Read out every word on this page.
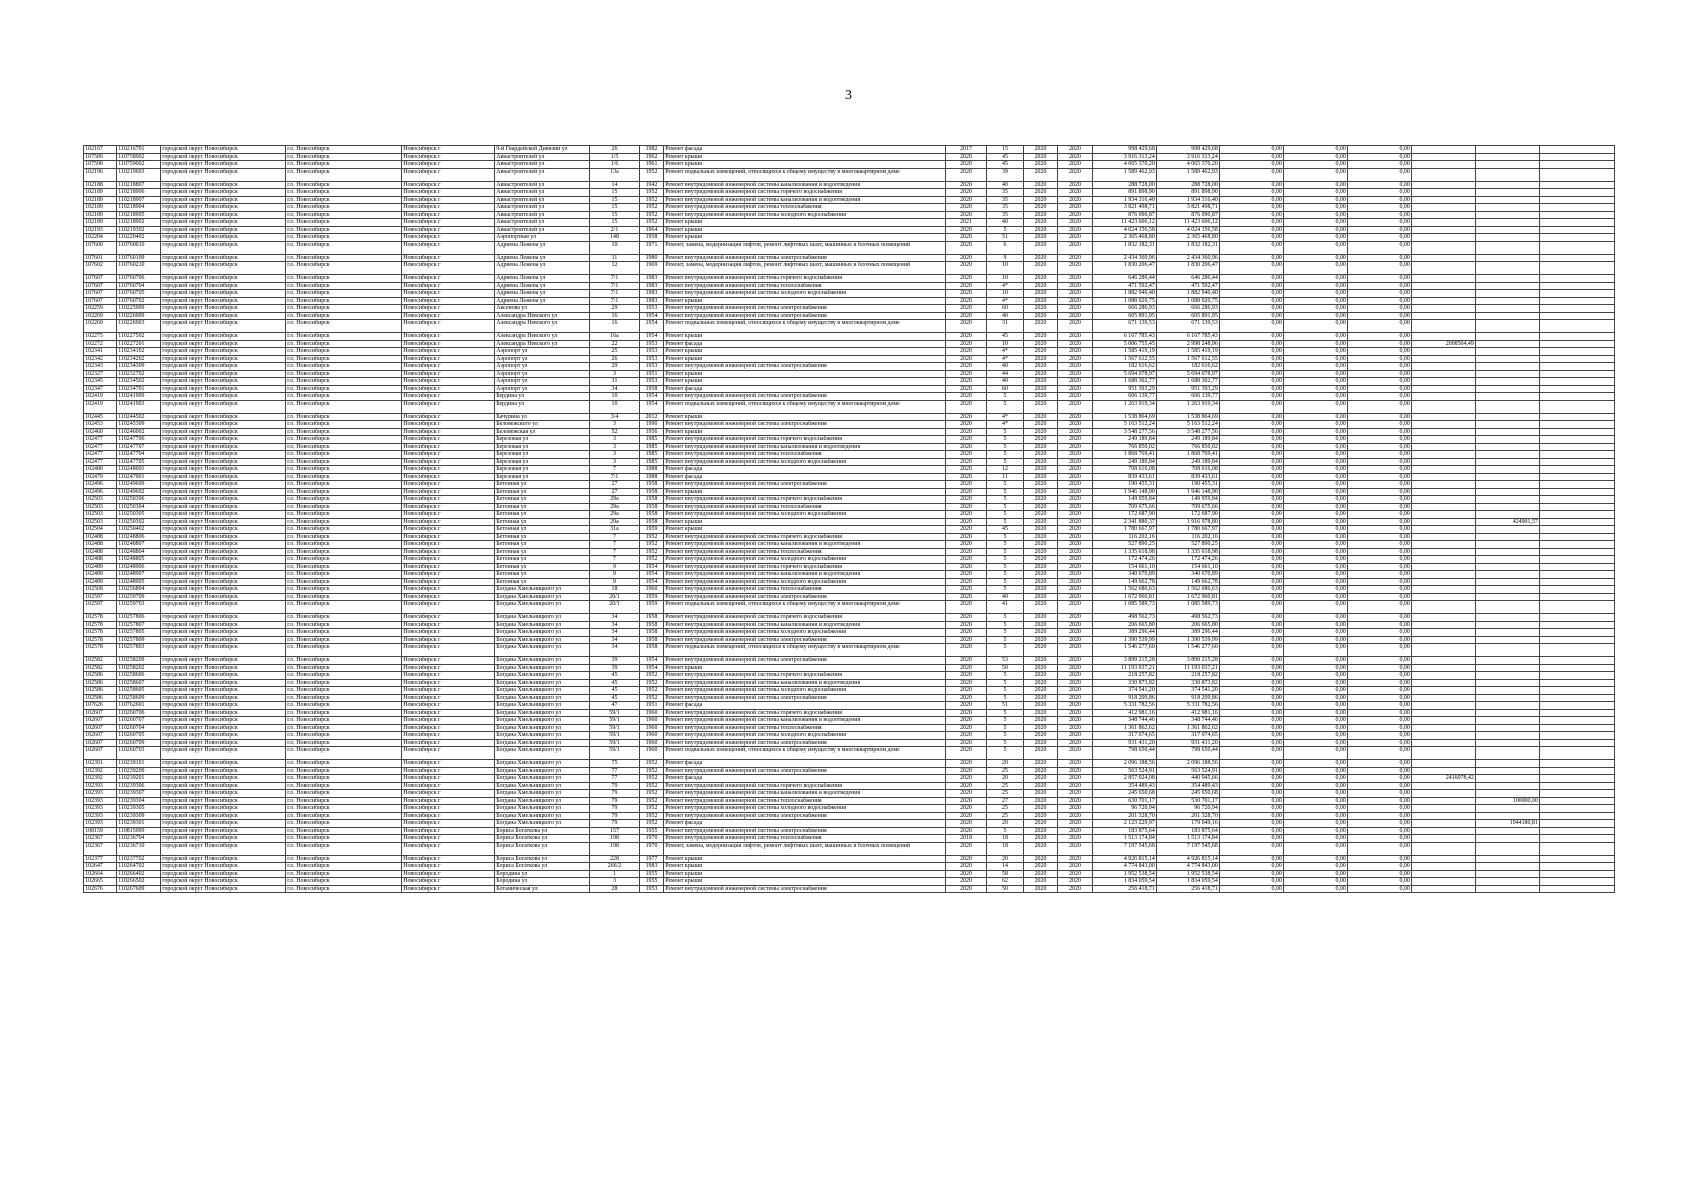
3
102167	110216701	городской округ Новосибирск	г.о. Новосибирск	Новосибирск г	9-й Гвардейской Дивизии ул	26	1982	Ремонт фасада	2017	15	2020	2020	998 429,68	998 429,68	0,00	0,00	0,00			
107589	110758902	городской округ Новосибирск	г.о. Новосибирск	Новосибирск г	Авиастроителей ул	1/5	1962	Ремонт крыши	2020	45	2020	2020	3 916 313,24	3 916 313,24	0,00	0,00	0,00			
107590	110759002	городской округ Новосибирск	г.о. Новосибирск	Новосибирск г	Авиастроителей ул	1/6	1961	Ремонт крыши	2020	45	2020	2020	4 065 370,20	4 065 370,20	0,00	0,00	0,00			
102196	110219603	городской округ Новосибирск	г.о. Новосибирск	Новосибирск г	Авиастроителей ул	13а	1952	Ремонт подвальных помещений, относящихся к общему имуществу в многоквартирном доме	2020	39	2020	2020	1 589 462,93	1 589 462,93	0,00	0,00	0,00			
102188	110218807	городской округ Новосибирск	г.о. Новосибирск	Новосибирск г	Авиастроителей ул	14	1942	Ремонт внутридомовой инженерной системы канализования и водоотведения	2020	40	2020	2020	288 728,00	288 728,00	0,00	0,00	0,00			
102189	110218906	городской округ Новосибирск	г.о. Новосибирск	Новосибирск г	Авиастроителей ул	15	1952	Ремонт внутридомовой инженерной системы горячего водоснабжения	2020	35	2020	2020	891 898,90	891 898,90	0,00	0,00	0,00			
102189	110218907	городской округ Новосибирск	г.о. Новосибирск	Новосибирск г	Авиастроителей ул	15	1952	Ремонт внутридомовой инженерной системы канализования и водоотведения	2020	35	2020	2020	1 934 316,40	1 934 316,40	0,00	0,00	0,00			
102189	110218904	городской округ Новосибирск	г.о. Новосибирск	Новосибирск г	Авиастроителей ул	15	1952	Ремонт внутридомовой инженерной системы теплоснабжения	2020	35	2020	2020	3 821 498,71	3 821 498,71	0,00	0,00	0,00			
102189	110218905	городской округ Новосибирск	г.о. Новосибирск	Новосибирск г	Авиастроителей ул	15	1952	Ремонт внутридомовой инженерной системы холодного водоснабжения	2020	35	2020	2020	876 090,87	876 090,87	0,00	0,00	0,00			
102189	110218902	городской округ Новосибирск	г.о. Новосибирск	Новосибирск г	Авиастроителей ул	15	1952	Ремонт крыши	2021	40	2020	2020	11 423 606,12	11 423 606,12	0,00	0,00	0,00			
102193	110219302	городской округ Новосибирск	г.о. Новосибирск	Новосибирск г	Авиастроителей ул	2/1	1964	Ремонт крыши	2020	5	2020	2020	4 024 156,58	4 024 156,58	0,00	0,00	0,00			
102204	110220402	городской округ Новосибирск	г.о. Новосибирск	Новосибирск г	Аэропортная ул	148	1958	Ремонт крыши	2020	51	2020	2020	2 365 468,80	2 365 468,80	0,00	0,00	0,00			
107600	110760010	городской округ Новосибирск	г.о. Новосибирск	Новосибирск г	Адриена Лежена ул	10	1971	Ремонт, замена, модернизация лифтов, ремонт лифтовых шахт, машинных и блочных помещений	2020	6	2020	2020	1 832 182,31	1 832 182,31	0,00	0,00	0,00			
107601	110760109	городской округ Новосибирск	г.о. Новосибирск	Новосибирск г	Адриена Лежена ул	11	1980	Ремонт внутридомовой инженерной системы электроснабжения	2020	9	2020	2020	2 434 360,96	2 434 360,96	0,00	0,00	0,00			
107602	110760210	городской округ Новосибирск	г.о. Новосибирск	Новосибирск г	Адриена Лежена ул	12	1969	Ремонт, замена, модернизация лифтов, ремонт лифтовых шахт, машинных и блочных помещений	2020	10	2020	2020	1 830 206,47	1 830 206,47	0,00	0,00	0,00			
107607	110760706	городской округ Новосибирск	г.о. Новосибирск	Новосибирск г	Адриена Лежена ул	7/1	1983	Ремонт внутридомовой инженерной системы горячего водоснабжения	2020	10	2020	2020	646 286,44	646 286,44	0,00	0,00	0,00			
107607	110760704	городской округ Новосибирск	г.о. Новосибирск	Новосибирск г	Адриена Лежена ул	7/1	1983	Ремонт внутридомовой инженерной системы теплоснабжения	2020	4*	2020	2020	471 592,47	471 592,47	0,00	0,00	0,00			
107607	110760705	городской округ Новосибирск	г.о. Новосибирск	Новосибирск г	Адриена Лежена ул	7/1	1983	Ремонт внутридомовой инженерной системы холодного водоснабжения	2020	10	2020	2020	1 882 940,40	1 882 940,40	0,00	0,00	0,00			
107607	110760702	городской округ Новосибирск	г.о. Новосибирск	Новосибирск г	Адриена Лежена ул	7/1	1983	Ремонт крыши	2020	4*	2020	2020	1 088 020,75	1 088 020,75	0,00	0,00	0,00			
102259	110225909	городской округ Новосибирск	г.о. Новосибирск	Новосибирск г	Аксенова ул	29	1953	Ремонт внутридомовой инженерной системы электроснабжения	2020	60	2020	2020	666 286,93	666 286,93	0,00	0,00	0,00			
102269	110226909	городской округ Новосибирск	г.о. Новосибирск	Новосибирск г	Александра Невского ул	16	1954	Ремонт внутридомовой инженерной системы электроснабжения	2020	40	2020	2020	605 891,95	605 891,95	0,00	0,00	0,00			
102269	110226903	городской округ Новосибирск	г.о. Новосибирск	Новосибирск г	Александра Невского ул	16	1954	Ремонт подвальных помещений, относящихся к общему имуществу в многоквартирном доме	2020	31	2020	2020	671 139,53	671 139,53	0,00	0,00	0,00			
102275	110227502	городской округ Новосибирск	г.о. Новосибирск	Новосибирск г	Александра Невского ул	16а	1954	Ремонт крыши	2020	45	2020	2020	6 167 785,43	6 167 785,43	0,00	0,00	0,00			
102272	110227201	городской округ Новосибирск	г.о. Новосибирск	Новосибирск г	Александра Невского ул	22	1953	Ремонт фасада	2020	10	2020	2020	5 006 755,45	2 998 248,96	0,00	0,00	0,00	2008504,49		
102341	110234102	городской округ Новосибирск	г.о. Новосибирск	Новосибирск г	Аэропорт ул	25	1953	Ремонт крыши	2020	4*	2020	2020	1 585 419,19	1 585 419,19	0,00	0,00	0,00			
102342	110234202	городской округ Новосибирск	г.о. Новосибирск	Новосибирск г	Аэропорт ул	26	1953	Ремонт крыши	2020	4*	2020	2020	1 567 612,55	1 567 612,55	0,00	0,00	0,00			
102343	110234309	городской округ Новосибирск	г.о. Новосибирск	Новосибирск г	Аэропорт ул	29	1953	Ремонт внутридомовой инженерной системы электроснабжения	2020	40	2020	2020	182 616,62	182 616,62	0,00	0,00	0,00			
102327	110232702	городской округ Новосибирск	г.о. Новосибирск	Новосибирск г	Аэропорт ул	3	1951	Ремонт крыши	2020	44	2020	2020	5 694 078,97	5 694 078,97	0,00	0,00	0,00			
102345	110234502	городской округ Новосибирск	г.о. Новосибирск	Новосибирск г	Аэропорт ул	31	1953	Ремонт крыши	2020	40	2020	2020	1 688 302,77	1 688 302,77	0,00	0,00	0,00			
102347	110234701	городской округ Новосибирск	г.о. Новосибирск	Новосибирск г	Аэропорт ул	34	1958	Ремонт фасада	2020	60	2020	2020	951 393,29	951 393,29	0,00	0,00	0,00			
102419	110241909	городской округ Новосибирск	г.о. Новосибирск	Новосибирск г	Бердина ул	10	1954	Ремонт внутридомовой инженерной системы электроснабжения	2020	5	2020	2020	606 139,77	606 139,77	0,00	0,00	0,00			
102419	110241903	городской округ Новосибирск	г.о. Новосибирск	Новосибирск г	Бердина ул	10	1954	Ремонт подвальных помещений, относящихся к общему имуществу в многоквартирном доме	2020	5	2020	2020	1 263 919,34	1 263 919,34	0,00	0,00	0,00			
102445	110244502	городской округ Новосибирск	г.о. Новосибирск	Новосибирск г	Бачурина ул	3/4	2012	Ремонт крыши	2020	4*	2020	2020	1 538 864,69	1 538 864,69	0,00	0,00	0,00			
102453	110245309	городской округ Новосибирск	г.о. Новосибирск	Новосибирск г	Беловежского ул	3	1990	Ремонт внутридомовой инженерной системы электроснабжения	2020	4*	2020	2020	5 163 512,24	5 163 512,24	0,00	0,00	0,00			
102460	110246002	городской округ Новосибирск	г.о. Новосибирск	Новосибирск г	Беловежская ул	52	1956	Ремонт крыши	2020	5	2020	2020	3 548 277,56	3 548 277,56	0,00	0,00	0,00			
102477	110247706	городской округ Новосибирск	г.о. Новосибирск	Новосибирск г	Березовая ул	3	1985	Ремонт внутридомовой инженерной системы горячего водоснабжения	2020	5	2020	2020	249 189,84	249 189,84	0,00	0,00	0,00			
102477	110247707	городской округ Новосибирск	г.о. Новосибирск	Новосибирск г	Березовая ул	3	1985	Ремонт внутридомовой инженерной системы канализования и водоотведения	2020	5	2020	2020	766 850,02	766 850,02	0,00	0,00	0,00			
102477	110247704	городской округ Новосибирск	г.о. Новосибирск	Новосибирск г	Березовая ул	3	1985	Ремонт внутридомовой инженерной системы теплоснабжения	2020	5	2020	2020	1 868 769,41	1 868 769,41	0,00	0,00	0,00			
102477	110247705	городской округ Новосибирск	г.о. Новосибирск	Новосибирск г	Березовая ул	3	1985	Ремонт внутридомовой инженерной системы холодного водоснабжения	2020	5	2020	2020	249 189,84	249 189,84	0,00	0,00	0,00			
102480	110248001	городской округ Новосибирск	г.о. Новосибирск	Новосибирск г	Березовая ул	7	1988	Ремонт фасада	2020	12	2020	2020	708 616,08	708 616,08	0,00	0,00	0,00			
102479	110247901	городской округ Новосибирск	г.о. Новосибирск	Новосибирск г	Березовая ул	7/1	1988	Ремонт фасада	2020	11	2020	2020	839 433,61	839 433,61	0,00	0,00	0,00			
102496	110249609	городской округ Новосибирск	г.о. Новосибирск	Новосибирск г	Бетонная ул	27	1958	Ремонт внутридомовой инженерной системы электроснабжения	2020	5	2020	2020	190 455,31	190 455,31	0,00	0,00	0,00			
102496	110249602	городской округ Новосибирск	г.о. Новосибирск	Новосибирск г	Бетонная ул	27	1958	Ремонт крыши	2020	5	2020	2020	1 946 148,90	1 946 148,90	0,00	0,00	0,00			
102503	110250306	городской округ Новосибирск	г.о. Новосибирск	Новосибирск г	Бетонная ул	29а	1958	Ремонт внутридомовой инженерной системы горячего водоснабжения	2020	5	2020	2020	149 959,84	149 959,84	0,00	0,00	0,00			
102503	110250304	городской округ Новосибирск	г.о. Новосибирск	Новосибирск г	Бетонная ул	29а	1958	Ремонт внутридомовой инженерной системы теплоснабжения	2020	5	2020	2020	709 675,66	709 675,66	0,00	0,00	0,00			
102503	110250305	городской округ Новосибирск	г.о. Новосибирск	Новосибирск г	Бетонная ул	29а	1958	Ремонт внутридомовой инженерной системы холодного водоснабжения	2020	5	2020	2020	172 687,90	172 687,90	0,00	0,00	0,00			
102503	110250302	городской округ Новосибирск	г.о. Новосибирск	Новосибирск г	Бетонная ул	29а	1958	Ремонт крыши	2020	5	2020	2020	2 341 880,37	1 916 978,80	0,00	0,00	0,00		424901,57	
102504	110250402	городской округ Новосибирск	г.о. Новосибирск	Новосибирск г	Бетонная ул	31а	1959	Ремонт крыши	2020	45	2020	2020	1 780 667,97	1 780 667,97	0,00	0,00	0,00			
102488	110248806	городской округ Новосибирск	г.о. Новосибирск	Новосибирск г	Бетонная ул	7	1952	Ремонт внутридомовой инженерной системы горячего водоснабжения	2020	5	2020	2020	116 202,16	116 202,16	0,00	0,00	0,00			
102488	110248807	городской округ Новосибирск	г.о. Новосибирск	Новосибирск г	Бетонная ул	7	1952	Ремонт внутридомовой инженерной системы канализования и водоотведения	2020	5	2020	2020	527 890,25	527 890,25	0,00	0,00	0,00			
102488	110248804	городской округ Новосибирск	г.о. Новосибирск	Новосибирск г	Бетонная ул	7	1952	Ремонт внутридомовой инженерной системы теплоснабжения	2020	5	2020	2020	1 335 618,98	1 335 618,98	0,00	0,00	0,00			
102488	110248805	городской округ Новосибирск	г.о. Новосибирск	Новосибирск г	Бетонная ул	7	1952	Ремонт внутридомовой инженерной системы холодного водоснабжения	2020	5	2020	2020	172 474,26	172 474,26	0,00	0,00	0,00			
102489	110248906	городской округ Новосибирск	г.о. Новосибирск	Новосибирск г	Бетонная ул	9	1954	Ремонт внутридомовой инженерной системы горячего водоснабжения	2020	5	2020	2020	154 661,10	154 661,10	0,00	0,00	0,00			
102489	110248907	городской округ Новосибирск	г.о. Новосибирск	Новосибирск г	Бетонная ул	9	1954	Ремонт внутридомовой инженерной системы канализования и водоотведения	2020	5	2020	2020	340 670,89	340 670,89	0,00	0,00	0,00			
102489	110248905	городской округ Новосибирск	г.о. Новосибирск	Новосибирск г	Бетонная ул	9	1954	Ремонт внутридомовой инженерной системы холодного водоснабжения	2020	5	2020	2020	149 662,78	149 662,78	0,00	0,00	0,00			
102568	110256804	городской округ Новосибирск	г.о. Новосибирск	Новосибирск г	Богдана Хмельницкого ул	18	1960	Ремонт внутридомовой инженерной системы теплоснабжения	2020	5	2020	2020	1 562 686,63	1 562 686,63	0,00	0,00	0,00			
102597	110259709	городской округ Новосибирск	г.о. Новосибирск	Новосибирск г	Богдана Хмельницкого ул	20/1	1959	Ремонт внутридомовой инженерной системы электроснабжения	2020	40	2020	2020	1 672 960,81	1 672 960,81	0,00	0,00	0,00			
102597	110259703	городской округ Новосибирск	г.о. Новосибирск	Новосибирск г	Богдана Хмельницкого ул	20/1	1959	Ремонт подвальных помещений, относящихся к общему имуществу в многоквартирном доме	2020	41	2020	2020	1 085 589,73	1 085 589,73	0,00	0,00	0,00			
102578	110257806	городской округ Новосибирск	г.о. Новосибирск	Новосибирск г	Богдана Хмельницкого ул	34	1958	Ремонт внутридомовой инженерной системы горячего водоснабжения	2020	5	2020	2020	498 562,73	498 562,73	0,00	0,00	0,00			
102578	110257807	городской округ Новосибирск	г.о. Новосибирск	Новосибирск г	Богдана Хмельницкого ул	34	1958	Ремонт внутридомовой инженерной системы канализования и водоотведения	2020	5	2020	2020	206 665,80	206 665,80	0,00	0,00	0,00			
102578	110257805	городской округ Новосибирск	г.о. Новосибирск	Новосибирск г	Богдана Хмельницкого ул	34	1958	Ремонт внутридомовой инженерной системы холодного водоснабжения	2020	5	2020	2020	389 296,44	389 296,44	0,00	0,00	0,00			
102578	110257809	городской округ Новосибирск	г.о. Новосибирск	Новосибирск г	Богдана Хмельницкого ул	34	1958	Ремонт внутридомовой инженерной системы электроснабжения	2020	5	2020	2020	1 390 539,99	1 390 539,99	0,00	0,00	0,00			
102578	110257803	городской округ Новосибирск	г.о. Новосибирск	Новосибирск г	Богдана Хмельницкого ул	34	1958	Ремонт подвальных помещений, относящихся к общему имуществу в многоквартирном доме	2020	5	2020	2020	1 546 277,60	1 546 277,60	0,00	0,00	0,00			
102582	110258209	городской округ Новосибирск	г.о. Новосибирск	Новосибирск г	Богдана Хмельницкого ул	39	1954	Ремонт внутридомовой инженерной системы электроснабжения	2020	53	2020	2020	3 899 215,28	3 899 215,28	0,00	0,00	0,00			
102582	110258202	городской округ Новосибирск	г.о. Новосибирск	Новосибирск г	Богдана Хмельницкого ул	39	1954	Ремонт крыши	2020	50	2020	2020	11 193 037,21	11 193 037,21	0,00	0,00	0,00			
102586	110258606	городской округ Новосибирск	г.о. Новосибирск	Новосибирск г	Богдана Хмельницкого ул	45	1952	Ремонт внутридомовой инженерной системы горячего водоснабжения	2020	5	2020	2020	218 257,82	218 257,82	0,00	0,00	0,00			
102586	110258607	городской округ Новосибирск	г.о. Новосибирск	Новосибирск г	Богдана Хмельницкого ул	45	1952	Ремонт внутридомовой инженерной системы канализования и водоотведения	2020	5	2020	2020	330 873,82	330 873,82	0,00	0,00	0,00			
102586	110258605	городской округ Новосибирск	г.о. Новосибирск	Новосибирск г	Богдана Хмельницкого ул	45	1952	Ремонт внутридомовой инженерной системы холодного водоснабжения	2020	5	2020	2020	374 541,20	374 541,20	0,00	0,00	0,00			
102586	110258609	городской округ Новосибирск	г.о. Новосибирск	Новосибирск г	Богдана Хмельницкого ул	45	1952	Ремонт внутридомовой инженерной системы электроснабжения	2020	5	2020	2020	918 209,86	918 209,86	0,00	0,00	0,00			
107626	110762601	городской округ Новосибирск	г.о. Новосибирск	Новосибирск г	Богдана Хмельницкого ул	47	1951	Ремонт фасада	2020	51	2020	2020	5 331 782,56	5 331 782,56	0,00	0,00	0,00			
102607	110260706	городской округ Новосибирск	г.о. Новосибирск	Новосибирск г	Богдана Хмельницкого ул	59/1	1960	Ремонт внутридомовой инженерной системы горячего водоснабжения	2020	5	2020	2020	412 981,16	412 981,16	0,00	0,00	0,00			
102607	110260707	городской округ Новосибирск	г.о. Новосибирск	Новосибирск г	Богдана Хмельницкого ул	59/1	1960	Ремонт внутридомовой инженерной системы канализования и водоотведения	2020	5	2020	2020	348 744,46	348 744,46	0,00	0,00	0,00			
102607	110260704	городской округ Новосибирск	г.о. Новосибирск	Новосибирск г	Богдана Хмельницкого ул	59/1	1960	Ремонт внутридомовой инженерной системы теплоснабжения	2020	5	2020	2020	1 361 862,62	1 361 862,62	0,00	0,00	0,00			
102607	110260705	городской округ Новосибирск	г.о. Новосибирск	Новосибирск г	Богдана Хмельницкого ул	59/1	1960	Ремонт внутридомовой инженерной системы холодного водоснабжения	2020	5	2020	2020	317 074,65	317 074,65	0,00	0,00	0,00			
102607	110260709	городской округ Новосибирск	г.о. Новосибирск	Новосибирск г	Богдана Хмельницкого ул	59/1	1960	Ремонт внутридомовой инженерной системы электроснабжения	2020	5	2020	2020	931 431,20	931 431,20	0,00	0,00	0,00			
102607	110260703	городской округ Новосибирск	г.о. Новосибирск	Новосибирск г	Богдана Хмельницкого ул	59/1	1960	Ремонт подвальных помещений, относящихся к общему имуществу в многоквартирном доме	2020	5	2020	2020	798 650,44	798 650,44	0,00	0,00	0,00			
102391	110239101	городской округ Новосибирск	г.о. Новосибирск	Новосибирск г	Богдана Хмельницкого ул	75	1952	Ремонт фасада	2020	20	2020	2020	2 096 188,56	2 096 188,56	0,00	0,00	0,00			
102392	110239209	городской округ Новосибирск	г.о. Новосибирск	Новосибирск г	Богдана Хмельницкого ул	77	1952	Ремонт внутридомовой инженерной системы электроснабжения	2020	25	2020	2020	563 524,91	563 524,91	0,00	0,00	0,00			
102392	110239201	городской округ Новосибирск	г.о. Новосибирск	Новосибирск г	Богдана Хмельницкого ул	77	1952	Ремонт фасада	2020	20	2020	2020	2 857 024,08	440 945,66	0,00	0,00	0,00	2416078,42		
102393	110239306	городской округ Новосибирск	г.о. Новосибирск	Новосибирск г	Богдана Хмельницкого ул	79	1952	Ремонт внутридомовой инженерной системы горячего водоснабжения	2020	25	2020	2020	354 489,43	354 489,43	0,00	0,00	0,00			
102393	110239307	городской округ Новосибирск	г.о. Новосибирск	Новосибирск г	Богдана Хмельницкого ул	79	1952	Ремонт внутридомовой инженерной системы канализования и водоотведения	2020	25	2020	2020	245 650,68	245 650,68	0,00	0,00	0,00			
102393	110239304	городской округ Новосибирск	г.о. Новосибирск	Новосибирск г	Богдана Хмельницкого ул	79	1952	Ремонт внутридомовой инженерной системы теплоснабжения	2020	27	2020	2020	630 701,17	530 701,17	0,00	0,00	0,00		100000,00	
102393	110239305	городской округ Новосибирск	г.о. Новосибирск	Новосибирск г	Богдана Хмельницкого ул	79	1952	Ремонт внутридомовой инженерной системы холодного водоснабжения	2020	25	2020	2020	96 720,94	96 720,94	0,00	0,00	0,00			
102393	110239309	городской округ Новосибирск	г.о. Новосибирск	Новосибирск г	Богдана Хмельницкого ул	79	1952	Ремонт внутридомовой инженерной системы электроснабжения	2020	25	2020	2020	201 328,70	201 328,70	0,00	0,00	0,00			
102393	110239301	городской округ Новосибирск	г.о. Новосибирск	Новосибирск г	Богдана Хмельницкого ул	79	1952	Ремонт фасада	2020	20	2020	2020	2 123 229,97	179 049,16	0,00	0,00	0,00		1944180,81	
108159	110815909	городской округ Новосибирск	г.о. Новосибирск	Новосибирск г	Бориса Богаткова ул	157	1955	Ремонт внутридомовой инженерной системы электроснабжения	2020	5	2020	2020	183 875,64	183 875,64	0,00	0,00	0,00			
102367	110236704	городской округ Новосибирск	г.о. Новосибирск	Новосибирск г	Бориса Богаткова ул	198	1970	Ремонт внутридомовой инженерной системы теплоснабжения	2018	18	2020	2020	1 513 174,84	1 513 174,84	0,00	0,00	0,00			
102367	110236710	городской округ Новосибирск	г.о. Новосибирск	Новосибирск г	Бориса Богаткова ул	198	1970	Ремонт, замена, модернизация лифтов, ремонт лифтовых шахт, машинных и блочных помещений	2020	18	2020	2020	7 197 545,68	7 197 545,68	0,00	0,00	0,00			
102377	110237702	городской округ Новосибирск	г.о. Новосибирск	Новосибирск г	Бориса Богаткова ул	228	1977	Ремонт крыши	2020	20	2020	2020	4 926 815,14	4 926 815,14	0,00	0,00	0,00			
102647	110264702	городской округ Новосибирск	г.о. Новосибирск	Новосибирск г	Бориса Богаткова ул	266/2	1983	Ремонт крыши	2020	14	2020	2020	4 774 843,00	4 774 843,00	0,00	0,00	0,00			
102664	110266402	городской округ Новосибирск	г.о. Новосибирск	Новосибирск г	Бородина ул	1	1955	Ремонт крыши	2020	58	2020	2020	1 952 538,54	1 952 538,54	0,00	0,00	0,00			
102665	110266502	городской округ Новосибирск	г.о. Новосибирск	Новосибирск г	Бородина ул	3	1955	Ремонт крыши	2020	62	2020	2020	1 834 059,54	1 834 059,54	0,00	0,00	0,00			
102676	110267609	городской округ Новосибирск	г.о. Новосибирск	Новосибирск г	Ботаническая ул	28	1953	Ремонт внутридомовой инженерной системы электроснабжения	2020	50	2020	2020	256 418,71	256 418,71	0,00	0,00	0,00			
